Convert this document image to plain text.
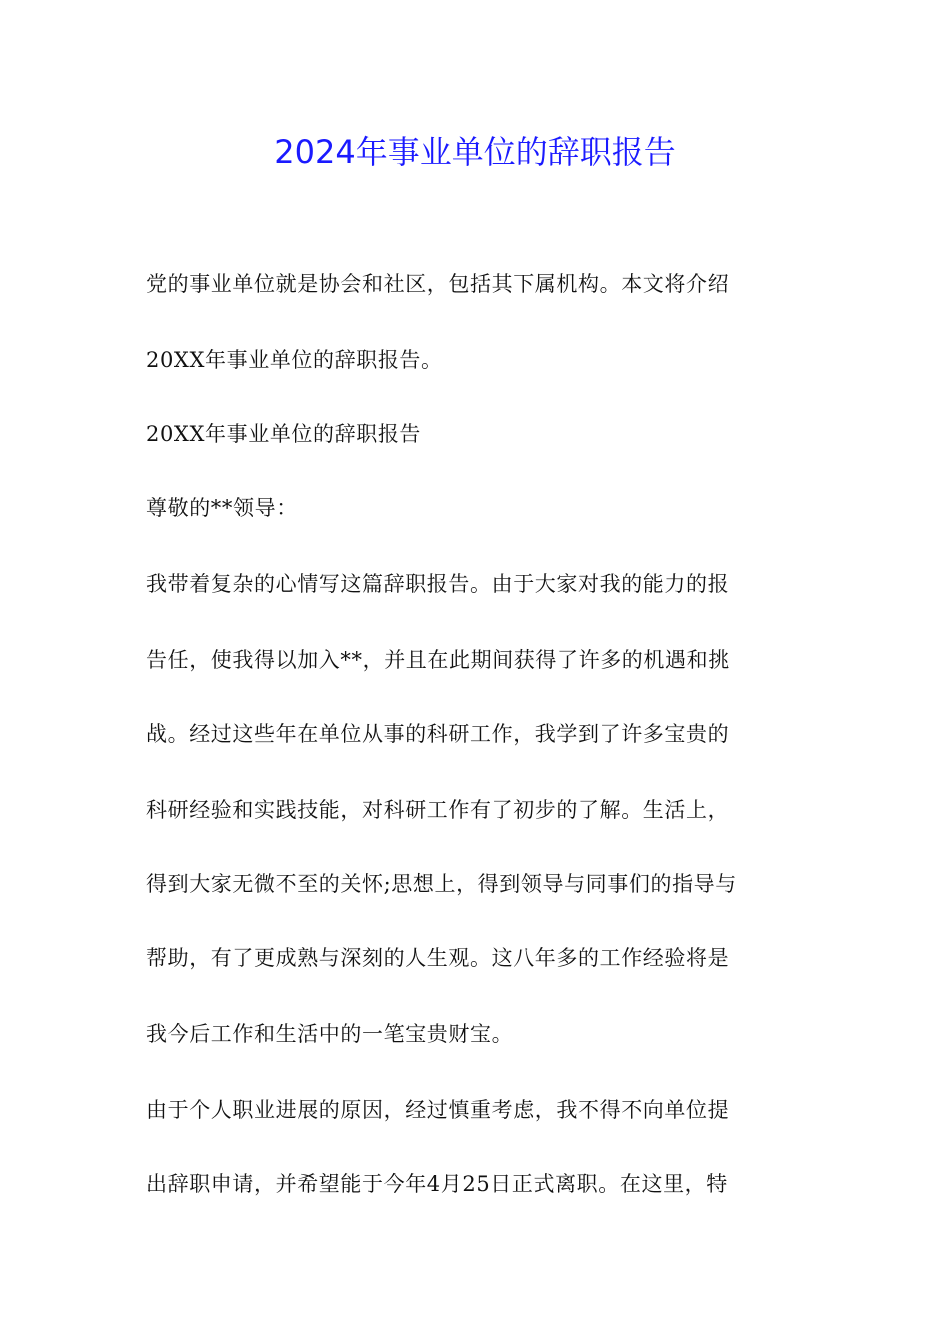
2024年事业单位的辞职报告
党的事业单位就是协会和社区，包括其下属机构。本文将介绍
20XX年事业单位的辞职报告。
20XX年事业单位的辞职报告
尊敬的**领导：
我带着复杂的心情写这篇辞职报告。由于大家对我的能力的报
告任，使我得以加入**，并且在此期间获得了许多的机遇和挑
战。经过这些年在单位从事的科研工作，我学到了许多宝贵的
科研经验和实践技能，对科研工作有了初步的了解。生活上，
得到大家无微不至的关怀;思想上，得到领导与同事们的指导与
帮助，有了更成熟与深刻的人生观。这八年多的工作经验将是
我今后工作和生活中的一笔宝贵财宝。
由于个人职业进展的原因，经过慎重考虑，我不得不向单位提
出辞职申请，并希望能于今年4月25日正式离职。在这里，特
